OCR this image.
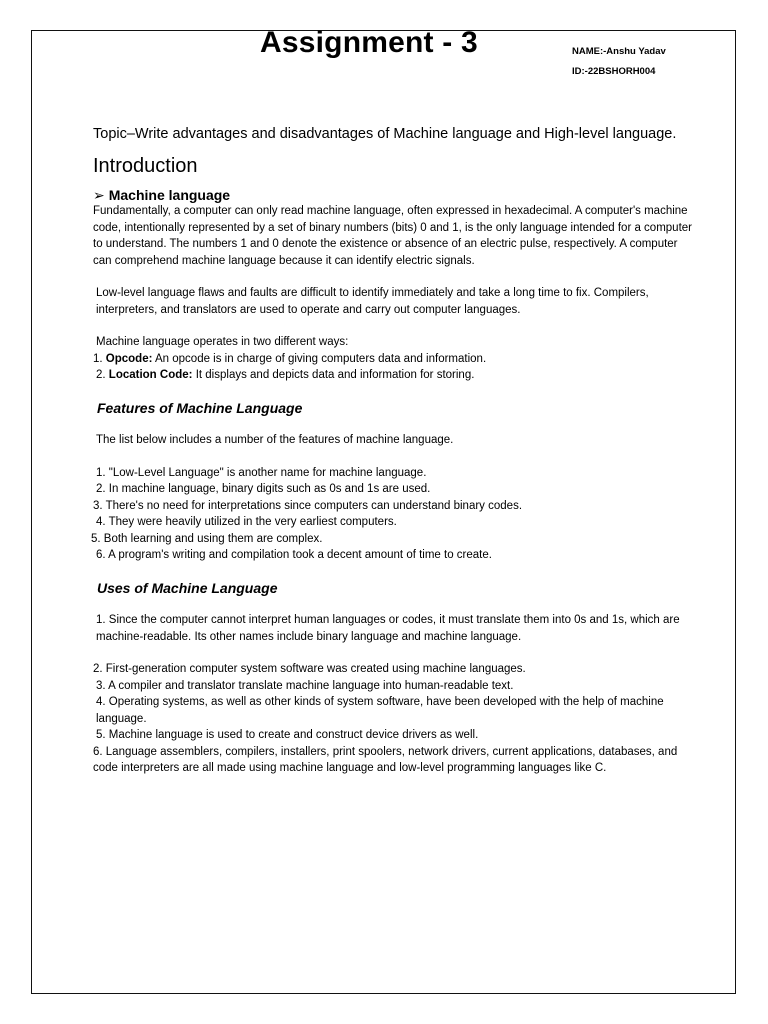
Assignment - 3	NAME:-Anshu Yadav
ID:-22BSHORH004

Topic–Write advantages and disadvantages of Machine language and High-level language.

Introduction
➢ Machine language

Fundamentally, a computer can only read machine language, often expressed in hexadecimal. A computer's machine code, intentionally represented by a set of binary numbers (bits) 0 and 1, is the only language intended for a computer to understand. The numbers 1 and 0 denote the existence or absence of an electric pulse, respectively. A computer can comprehend machine language because it can identify electric signals.

Low-level language flaws and faults are difficult to identify immediately and take a long time to fix. Compilers, interpreters, and translators are used to operate and carry out computer languages.

Machine language operates in two different ways:

1. Opcode: An opcode is in charge of giving computers data and information.

2. Location Code: It displays and depicts data and information for storing.

Features of Machine Language

The list below includes a number of the features of machine language.

1. "Low-Level Language" is another name for machine language.

2. In machine language, binary digits such as 0s and 1s are used.

3. There's no need for interpretations since computers can understand binary codes.

4. They were heavily utilized in the very earliest computers.

5. Both learning and using them are complex.

6. A program's writing and compilation took a decent amount of time to create.

Uses of Machine Language

1. Since the computer cannot interpret human languages or codes, it must translate them into 0s and 1s, which are machine-readable. Its other names include binary language and machine language.

2. First-generation computer system software was created using machine languages.

3. A compiler and translator translate machine language into human-readable text.

4. Operating systems, as well as other kinds of system software, have been developed with the help of machine language.

5. Machine language is used to create and construct device drivers as well.

6. Language assemblers, compilers, installers, print spoolers, network drivers, current applications, databases, and code interpreters are all made using machine language and low-level programming languages like C.
